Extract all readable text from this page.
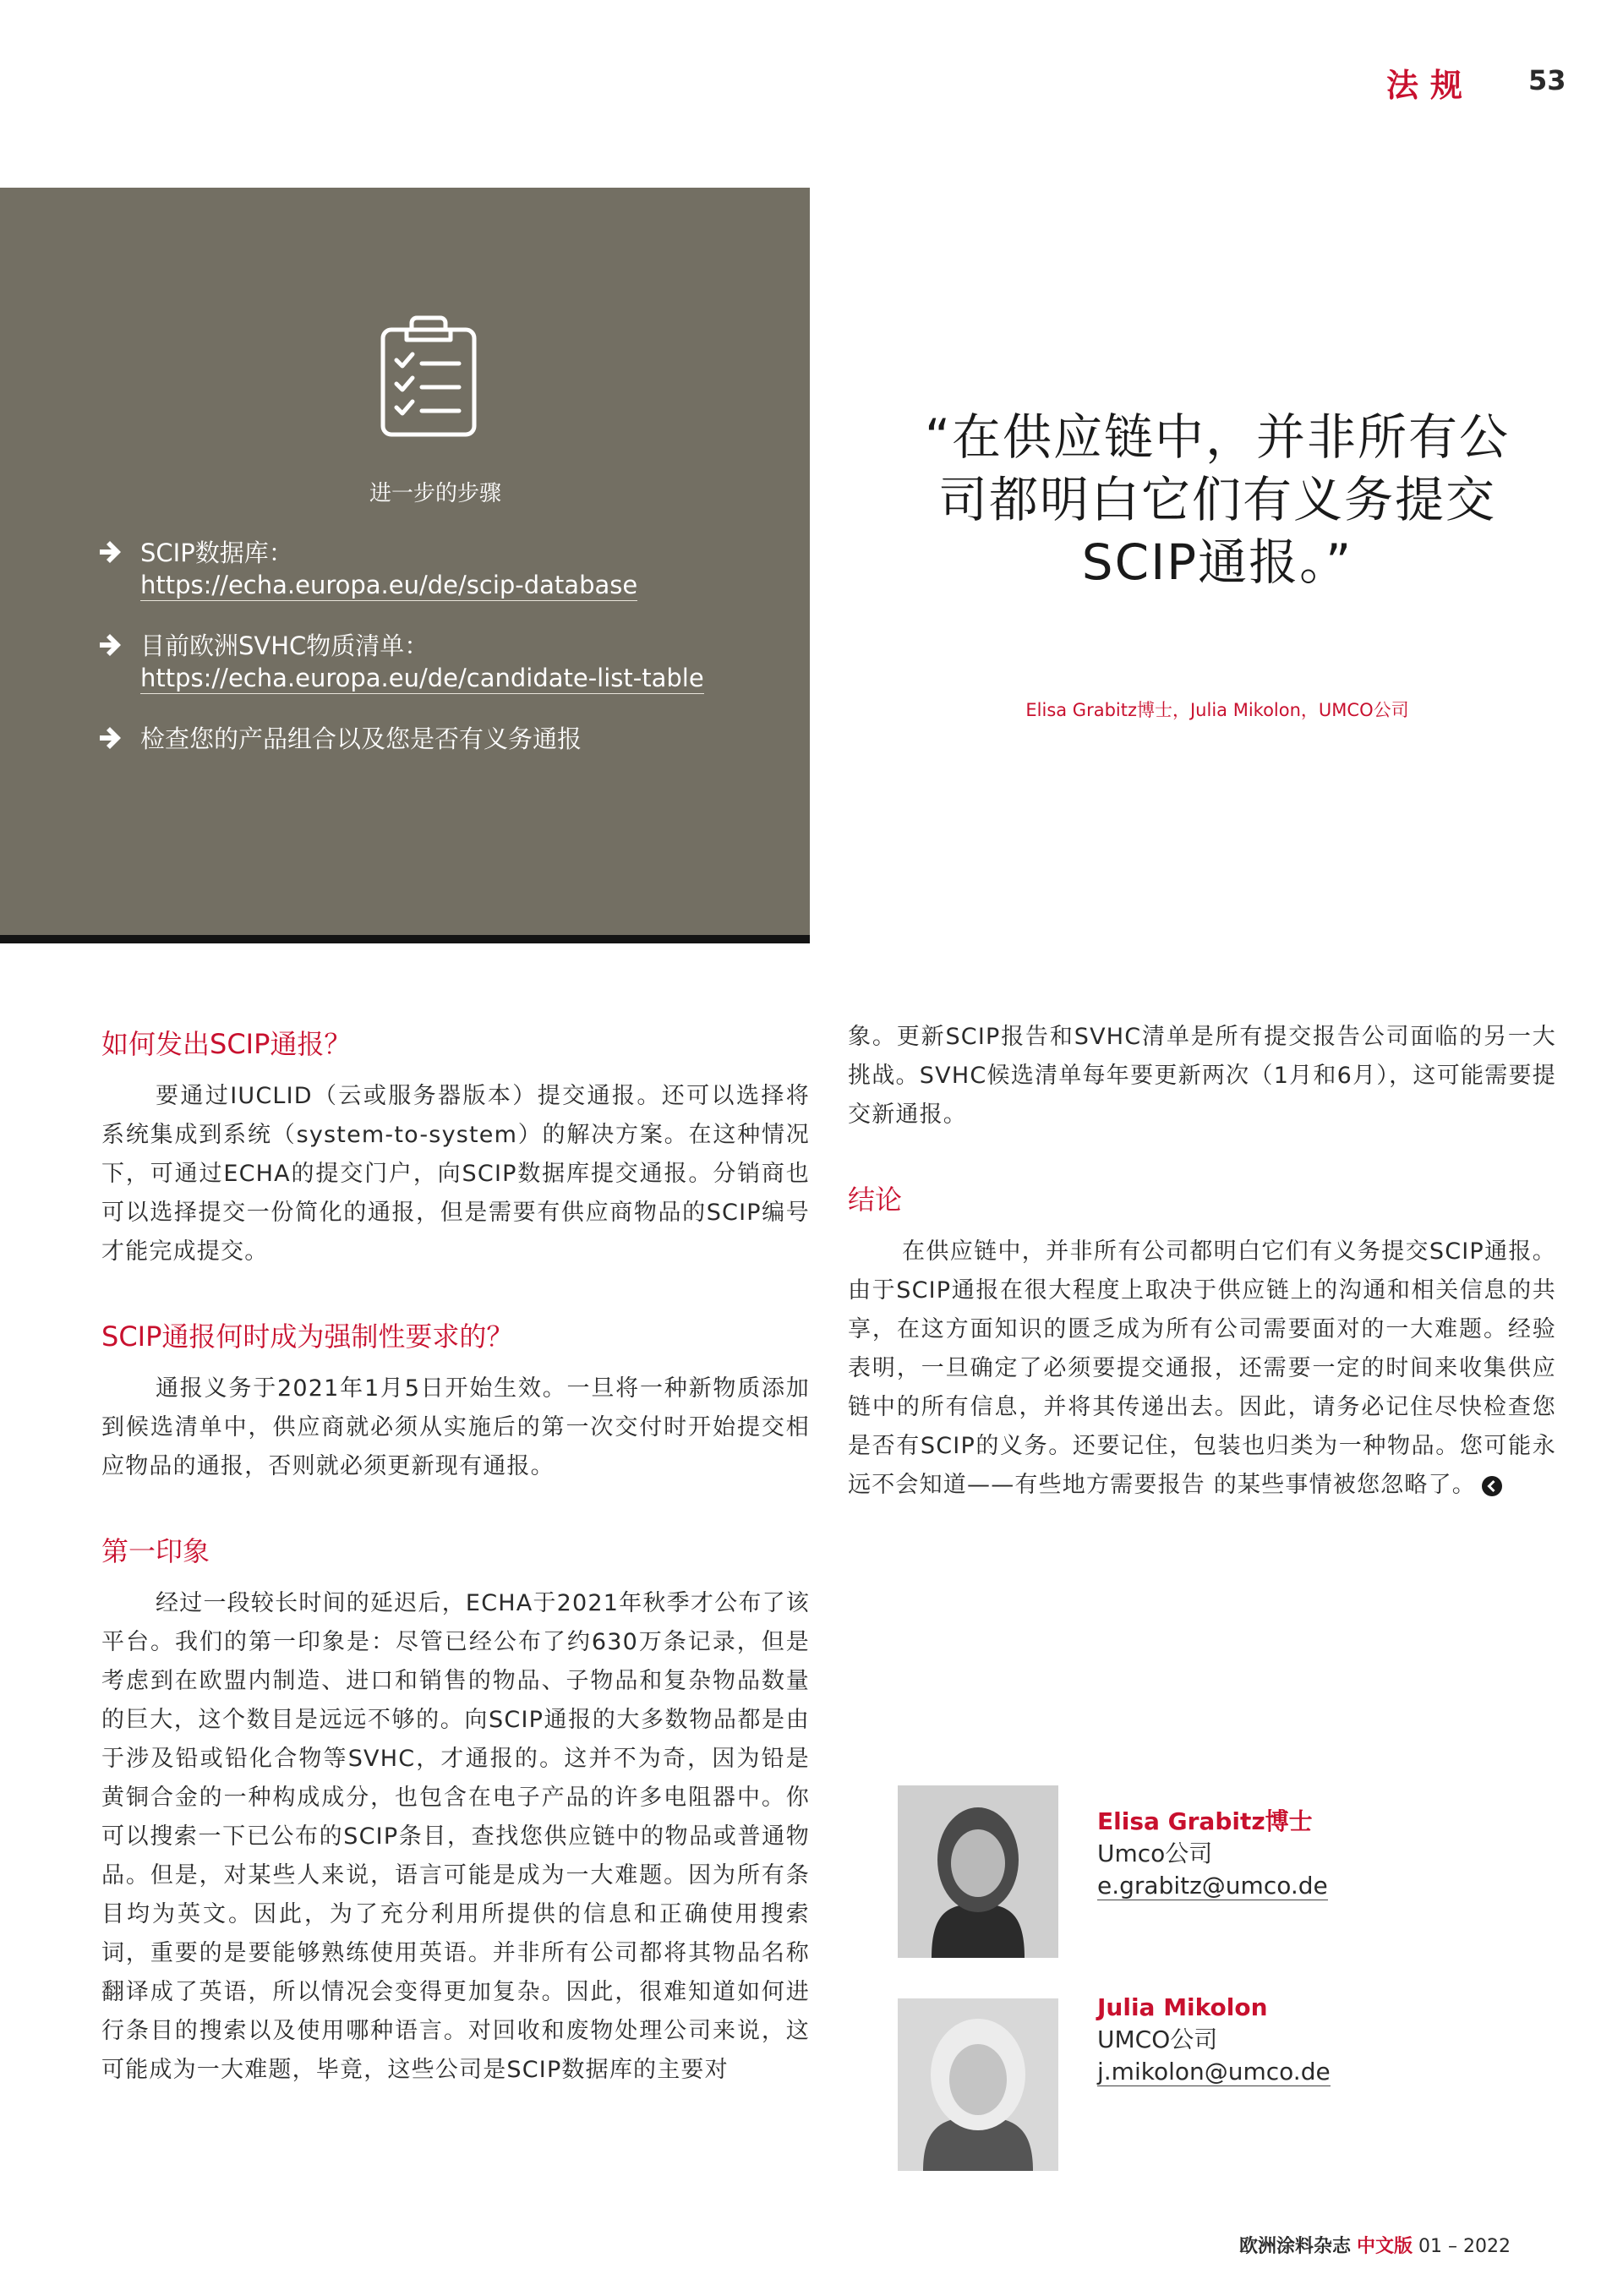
法规 53
进一步的步骤
SCIP数据库：
https://echa.europa.eu/de/scip-database
目前欧洲SVHC物质清单：
https://echa.europa.eu/de/candidate-list-table
检查您的产品组合以及您是否有义务通报
“在供应链中，并非所有公
司都明白它们有义务提交
SCIP通报。”
Elisa Grabitz博士，Julia Mikolon，UMCO公司
如何发出SCIP通报？

要通过IUCLID（云或服务器版本）提交通报。还可以选择将系统集成到系统（system-to-system）的解决方案。在这种情况下，可通过ECHA的提交门户，向SCIP数据库提交通报。分销商也可以选择提交一份简化的通报，但是需要有供应商物品的SCIP编号才能完成提交。

SCIP通报何时成为强制性要求的？

通报义务于2021年1月5日开始生效。一旦将一种新物质添加到候选清单中，供应商就必须从实施后的第一次交付时开始提交相应物品的通报，否则就必须更新现有通报。

第一印象

经过一段较长时间的延迟后，ECHA于2021年秋季才公布了该平台。我们的第一印象是：尽管已经公布了约630万条记录，但是考虑到在欧盟内制造、进口和销售的物品、子物品和复杂物品数量的巨大，这个数目是远远不够的。向SCIP通报的大多数物品都是由于涉及铅或铅化合物等SVHC，才通报的。这并不为奇，因为铅是黄铜合金的一种构成成分，也包含在电子产品的许多电阻器中。你可以搜索一下已公布的SCIP条目，查找您供应链中的物品或普通物品。但是，对某些人来说，语言可能是成为一大难题。因为所有条目均为英文。因此，为了充分利用所提供的信息和正确使用搜索词，重要的是要能够熟练使用英语。并非所有公司都将其物品名称翻译成了英语，所以情况会变得更加复杂。因此，很难知道如何进行条目的搜索以及使用哪种语言。对回收和废物处理公司来说，这可能成为一大难题，毕竟，这些公司是SCIP数据库的主要对

象。更新SCIP报告和SVHC清单是所有提交报告公司面临的另一大挑战。SVHC候选清单每年要更新两次（1月和6月），这可能需要提交新通报。

结论

在供应链中，并非所有公司都明白它们有义务提交SCIP通报。由于SCIP通报在很大程度上取决于供应链上的沟通和相关信息的共享，在这方面知识的匮乏成为所有公司需要面对的一大难题。经验表明，一旦确定了必须要提交通报，还需要一定的时间来收集供应链中的所有信息，并将其传递出去。因此，请务必记住尽快检查您是否有SCIP的义务。还要记住，包装也归类为一种物品。您可能永远不会知道——有些地方需要报告 的某些事情被您忽略了。

Elisa Grabitz博士
Umco公司
e.grabitz@umco.de
Julia Mikolon
UMCO公司
j.mikolon@umco.de
欧洲涂料杂志 中文版 01 – 2022
